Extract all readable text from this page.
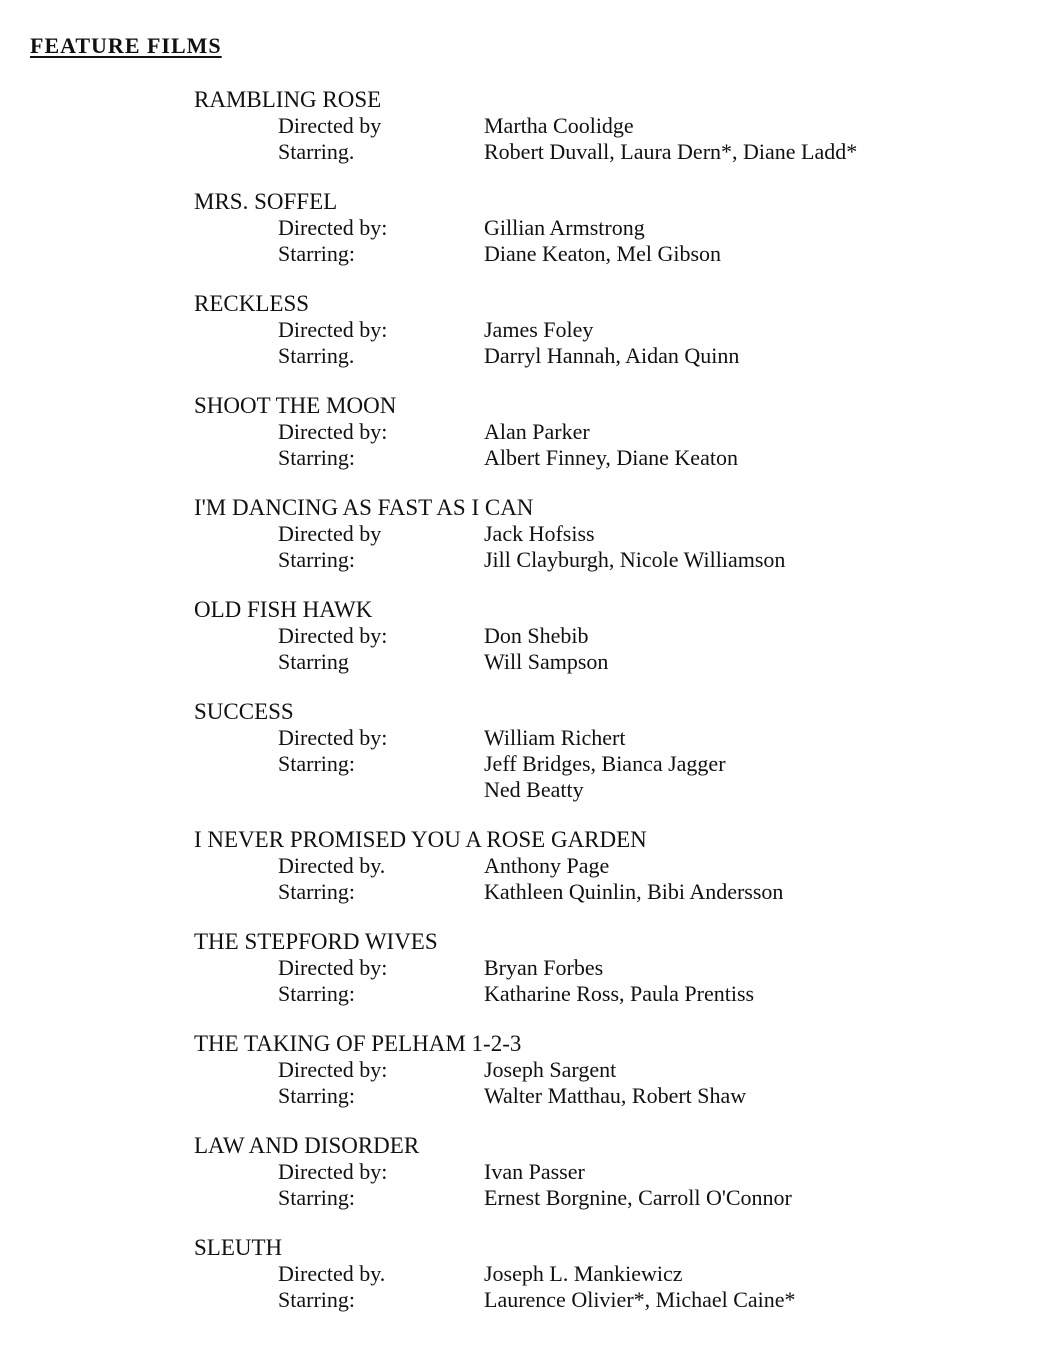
FEATURE FILMS
RAMBLING ROSE
Directed by	Martha Coolidge
Starring.	Robert Duvall, Laura Dern*, Diane Ladd*
MRS. SOFFEL
Directed by:	Gillian Armstrong
Starring:	Diane Keaton, Mel Gibson
RECKLESS
Directed by:	James Foley
Starring.	Darryl Hannah, Aidan Quinn
SHOOT THE MOON
Directed by:	Alan Parker
Starring:	Albert Finney, Diane Keaton
I'M DANCING AS FAST AS I CAN
Directed by	Jack Hofsiss
Starring:	Jill Clayburgh, Nicole Williamson
OLD FISH HAWK
Directed by:	Don Shebib
Starring	Will Sampson
SUCCESS
Directed by:	William Richert
Starring:	Jeff Bridges, Bianca Jagger
Ned Beatty
I NEVER PROMISED YOU A ROSE GARDEN
Directed by.	Anthony Page
Starring:	Kathleen Quinlin, Bibi Andersson
THE STEPFORD WIVES
Directed by:	Bryan Forbes
Starring:	Katharine Ross, Paula Prentiss
THE TAKING OF PELHAM 1-2-3
Directed by:	Joseph Sargent
Starring:	Walter Matthau, Robert Shaw
LAW AND DISORDER
Directed by:	Ivan Passer
Starring:	Ernest Borgnine, Carroll O'Connor
SLEUTH
Directed by.	Joseph L. Mankiewicz
Starring:	Laurence Olivier*, Michael Caine*
